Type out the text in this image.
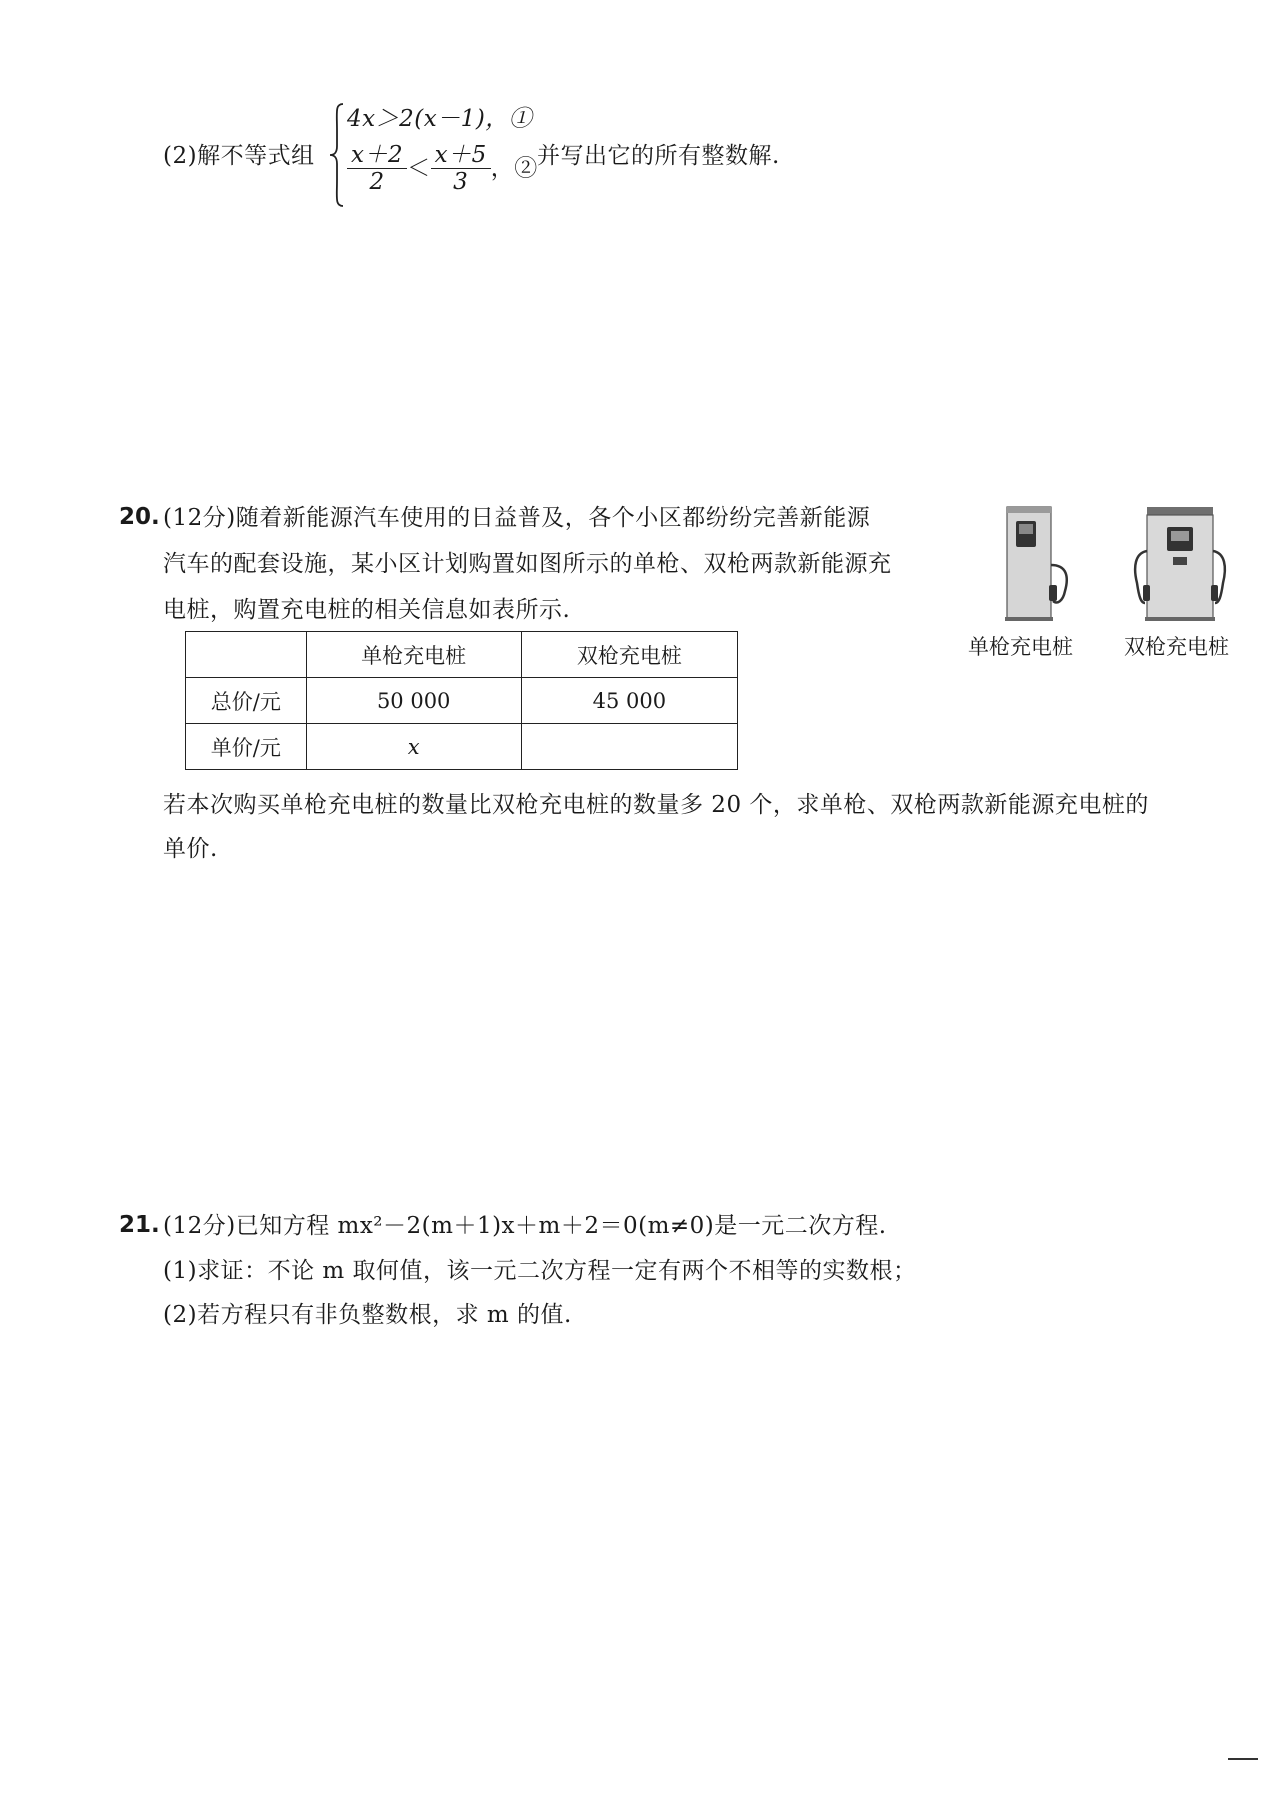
(2)解不等式组
4x＞2(x－1)，①
$\frac{x+2}{2} < \frac{x+5}{3}$ ，② 并写出它的所有整数解.
20. (12分)随着新能源汽车使用的日益普及，各个小区都纷纷完善新能源
汽车的配套设施，某小区计划购置如图所示的单枪、双枪两款新能源充
电桩，购置充电桩的相关信息如表所示.
	单枪充电桩	双枪充电桩
总价/元	50 000	45 000
单价/元	x	
单枪充电桩 双枪充电桩
若本次购买单枪充电桩的数量比双枪充电桩的数量多 20 个，求单枪、双枪两款新能源充电桩的
单价.
21. (12分)已知方程 mx²－2(m＋1)x＋m＋2＝0(m≠0)是一元二次方程.
(1)求证：不论 m 取何值，该一元二次方程一定有两个不相等的实数根；
(2)若方程只有非负整数根，求 m 的值.
